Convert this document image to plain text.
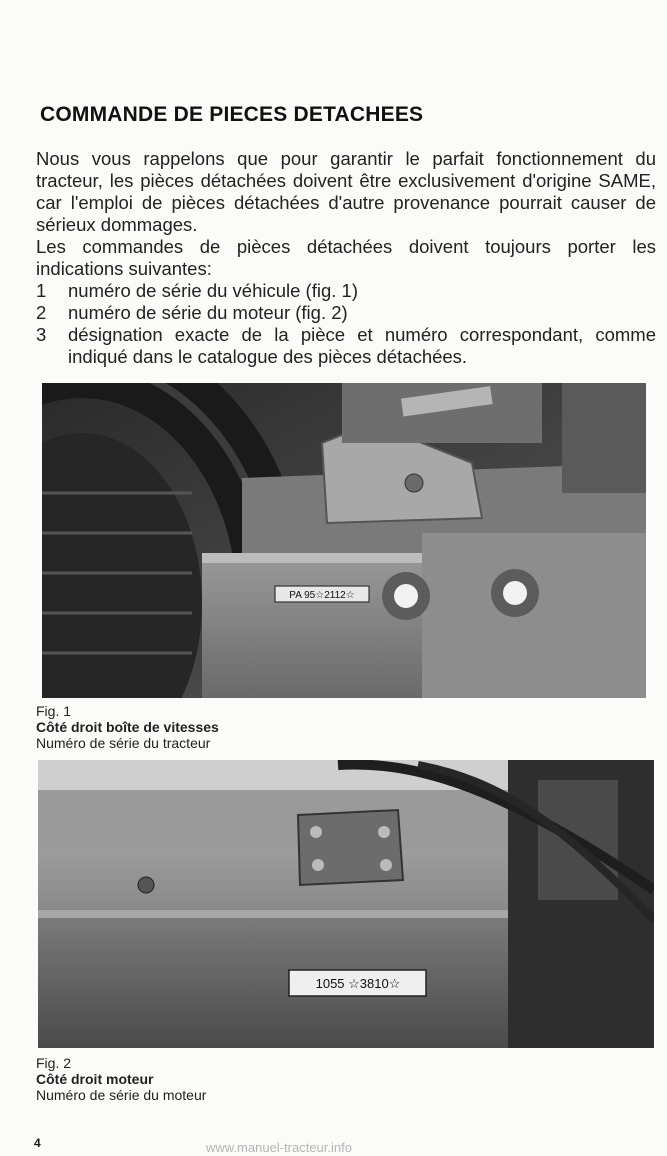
COMMANDE DE PIECES DETACHEES

Nous vous rappelons que pour garantir le parfait fonctionnement du tracteur, les pièces détachées doivent être exclusivement d'origine SAME, car l'emploi de pièces détachées d'autre provenance pourrait causer de sérieux dommages.

Les commandes de pièces détachées doivent toujours porter les indications suivantes:

1	numéro de série du véhicule (fig. 1)
2	numéro de série du moteur (fig. 2)
3	désignation exacte de la pièce et numéro correspondant, comme indiqué dans le catalogue des pièces détachées.
PA 95☆2112☆
Fig. 1
Côté droit boîte de vitesses
Numéro de série du tracteur
1055 ☆3810☆
Fig. 2
Côté droit moteur
Numéro de série du moteur
4	www.manuel-tracteur.info
